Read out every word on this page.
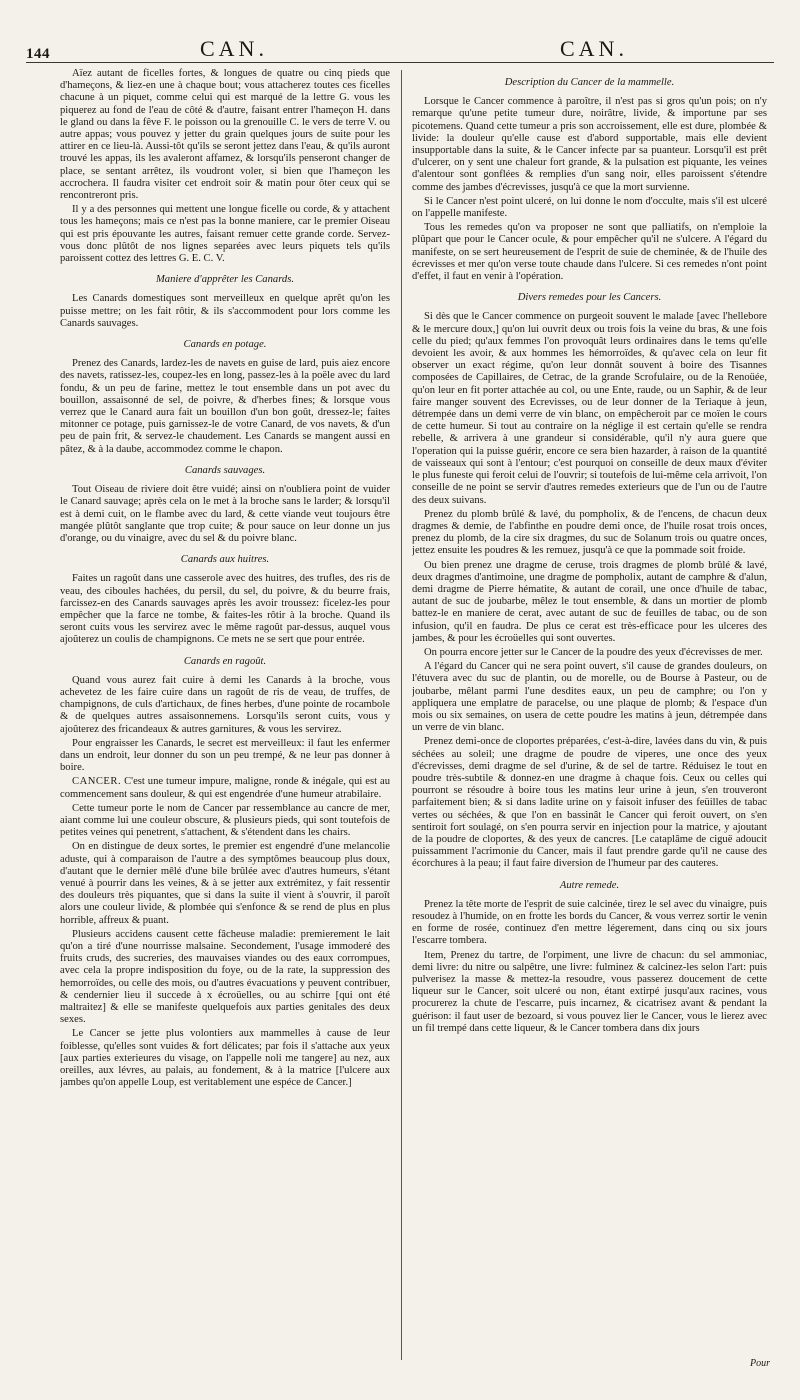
144	CAN.	CAN.

Aïez autant de ficelles fortes, & longues de quatre ou cinq pieds que d'hameçons, & liez-en une à chaque bout; vous attacherez toutes ces ficelles chacune à un piquet, comme celui qui est marqué de la lettre G. vous les piquerez au fond de l'eau de côté & d'autre, faisant entrer l'hameçon H. dans le gland ou dans la fêve F. le poisson ou la grenouille C. le vers de terre V. ou autre appas; vous pouvez y jetter du grain quelques jours de suite pour les attirer en ce lieu-là. Aussi-tôt qu'ils se seront jettez dans l'eau, & qu'ils auront trouvé les appas, ils les avaleront affamez, & lorsqu'ils penseront changer de place, se sentant arrêtez, ils voudront voler, si bien que l'hameçon les accrochera. Il faudra visiter cet endroit soir & matin pour ôter ceux qui se rencontreront pris.

Il y a des personnes qui mettent une longue ficelle ou corde, & y attachent tous les hameçons; mais ce n'est pas la bonne maniere, car le premier Oiseau qui est pris épouvante les autres, faisant remuer cette grande corde. Servez-vous donc plûtôt de nos lignes separées avec leurs piquets tels qu'ils paroissent cottez des lettres G. E. C. V.

Maniere d'apprêter les Canards.

Les Canards domestiques sont merveilleux en quelque aprêt qu'on les puisse mettre; on les fait rôtir, & ils s'accommodent pour lors comme les Canards sauvages.

Canards en potage.

Prenez des Canards, lardez-les de navets en guise de lard, puis aiez encore des navets, ratissez-les, coupez-les en long, passez-les à la poële avec du lard fondu, & un peu de farine, mettez le tout ensemble dans un pot avec du bouillon, assaisonné de sel, de poivre, & d'herbes fines; & lorsque vous verrez que le Canard aura fait un bouillon d'un bon goût, dressez-le; faites mitonner ce potage, puis garnissez-le de votre Canard, de vos navets, & d'un peu de pain frit, & servez-le chaudement. Les Canards se mangent aussi en pâtez, & à la daube, accommodez comme le chapon.

Canards sauvages.

Tout Oiseau de riviere doit être vuidé; ainsi on n'oubliera point de vuider le Canard sauvage; après cela on le met à la broche sans le larder; & lorsqu'il est à demi cuit, on le flambe avec du lard, & cette viande veut toujours être mangée plûtôt sanglante que trop cuite; & pour sauce on leur donne un jus d'orange, ou du vinaigre, avec du sel & du poivre blanc.

Canards aux huitres.

Faites un ragoût dans une casserole avec des huitres, des trufles, des ris de veau, des ciboules hachées, du persil, du sel, du poivre, & du beurre frais, farcissez-en des Canards sauvages après les avoir troussez: ficelez-les pour empêcher que la farce ne tombe, & faites-les rôtir à la broche. Quand ils seront cuits vous les servirez avec le même ragoût par-dessus, auquel vous ajoûterez un coulis de champignons. Ce mets ne se sert que pour entrée.

Canards en ragoût.

Quand vous aurez fait cuire à demi les Canards à la broche, vous achevetez de les faire cuire dans un ragoût de ris de veau, de truffes, de champignons, de culs d'artichaux, de fines herbes, d'une pointe de rocambole & de quelques autres assaisonnemens. Lorsqu'ils seront cuits, vous y ajoûterez des fricandeaux & autres garnitures, & vous les servirez.

Pour engraisser les Canards, le secret est merveilleux: il faut les enfermer dans un endroit, leur donner du son un peu trempé, & ne leur pas donner à boire.

CANCER. C'est une tumeur impure, maligne, ronde & inégale, qui est au commencement sans douleur, & qui est engendrée d'une humeur atrabilaire.

Cette tumeur porte le nom de Cancer par ressemblance au cancre de mer, aiant comme lui une couleur obscure, & plusieurs pieds, qui sont toutefois de petites veines qui penetrent, s'attachent, & s'étendent dans les chairs.

On en distingue de deux sortes, le premier est engendré d'une melancolie aduste, qui à comparaison de l'autre a des symptômes beaucoup plus doux, d'autant que le dernier mêlé d'une bile brûlée avec d'autres humeurs, s'étant venué à pourrir dans les veines, & à se jetter aux extrémitez, y fait ressentir des douleurs très piquantes, que si dans la suite il vient à s'ouvrir, il paroît alors une couleur livide, & plombée qui s'enfonce & se rend de plus en plus horrible, affreux & puant.

Plusieurs accidens causent cette fâcheuse maladie: premierement le lait qu'on a tiré d'une nourrisse malsaine. Secondement, l'usage immoderé des fruits cruds, des sucreries, des mauvaises viandes ou des eaux corrompues, avec cela la propre indisposition du foye, ou de la rate, la suppression des hemorroïdes, ou celle des mois, ou d'autres évacuations y peuvent contribuer, & cendernier lieu il succede à x écroüelles, ou au schirre [qui ont été maltraitez] & elle se manifeste quelquefois aux parties genitales des deux sexes.

Le Cancer se jette plus volontiers aux mammelles à cause de leur foiblesse, qu'elles sont vuides & fort délicates; par fois il s'attache aux yeux [aux parties exterieures du visage, on l'appelle noli me tangere] au nez, aux oreilles, aux lévres, au palais, au fondement, & à la matrice [l'ulcere aux jambes qu'on appelle Loup, est veritablement une espéce de Cancer.]

Description du Cancer de la mammelle.

Lorsque le Cancer commence à paroître, il n'est pas si gros qu'un pois; on n'y remarque qu'une petite tumeur dure, noirâtre, livide, & importune par ses picotemens. Quand cette tumeur a pris son accroissement, elle est dure, plombée & livide: la douleur qu'elle cause est d'abord supportable, mais elle devient insupportable dans la suite, & le Cancer infecte par sa puanteur. Lorsqu'il est prêt d'ulcerer, on y sent une chaleur fort grande, & la pulsation est piquante, les veines d'alentour sont gonflées & remplies d'un sang noir, elles paroissent s'étendre comme des jambes d'écrevisses, jusqu'à ce que la mort survienne.

Si le Cancer n'est point ulceré, on lui donne le nom d'occulte, mais s'il est ulceré on l'appelle manifeste.

Tous les remedes qu'on va proposer ne sont que palliatifs, on n'emploie la plûpart que pour le Cancer ocule, & pour empêcher qu'il ne s'ulcere. A l'égard du manifeste, on se sert heureusement de l'esprit de suie de cheminée, & de l'huile des écrevisses et mer qu'on verse toute chaude dans l'ulcere. Si ces remedes n'ont point d'effet, il faut en venir à l'opération.

Divers remedes pour les Cancers.

Si dès que le Cancer commence on purgeoit souvent le malade [avec l'hellebore & le mercure doux,] qu'on lui ouvrit deux ou trois fois la veine du bras, & une fois celle du pied; qu'aux femmes l'on provoquât leurs ordinaires dans le tems qu'elle devoient les avoir, & aux hommes les hémorroïdes, & qu'avec cela on leur fit observer un exact régime, qu'on leur donnât souvent à boire des Tisannes composées de Capillaires, de Cetrac, de la grande Scrofulaire, ou de la Renoüée, qu'on leur en fit porter attachée au col, ou une Ente, raude, ou un Saphir, & de leur faire manger souvent des Ecrevisses, ou de leur donner de la Teriaque à jeun, détrempée dans un demi verre de vin blanc, on empêcheroit par ce moïen le cours de cette humeur. Si tout au contraire on la néglige il est certain qu'elle se rendra rebelle, & arrivera à une grandeur si considérable, qu'il n'y aura guere que l'operation qui la puisse guérir, encore ce sera bien hazarder, à raison de la quantité de vaisseaux qui sont à l'entour; c'est pourquoi on conseille de deux maux d'éviter le plus funeste qui feroit celui de l'ouvrir; si toutefois de lui-même cela arrivoit, l'on conseille de ne point se servir d'autres remedes exterieurs que de l'un ou de l'autre des deux suivans.

Prenez du plomb brûlé & lavé, du pompholix, & de l'encens, de chacun deux dragmes & demie, de l'abfinthe en poudre demi once, de l'huile rosat trois onces, prenez du plomb, de la cire six dragmes, du suc de Solanum trois ou quatre onces, jettez ensuite les poudres & les remuez, jusqu'à ce que la pommade soit froide.

Ou bien prenez une dragme de ceruse, trois dragmes de plomb brûlé & lavé, deux dragmes d'antimoine, une dragme de pompholix, autant de camphre & d'alun, demi dragme de Pierre hématite, & autant de corail, une once d'huile de tabac, autant de suc de joubarbe, mêlez le tout ensemble, & dans un mortier de plomb battez-le en maniere de cerat, avec autant de suc de feuilles de tabac, ou de son infusion, qu'il en faudra. De plus ce cerat est très-efficace pour les ulceres des jambes, & pour les écroüelles qui sont ouvertes.

On pourra encore jetter sur le Cancer de la poudre des yeux d'écrevisses de mer.

A l'égard du Cancer qui ne sera point ouvert, s'il cause de grandes douleurs, on l'étuvera avec du suc de plantin, ou de morelle, ou de Bourse à Pasteur, ou de joubarbe, mêlant parmi l'une desdites eaux, un peu de camphre; ou l'on y appliquera une emplatre de paracelse, ou une plaque de plomb; & l'espace d'un mois ou six semaines, on usera de cette poudre les matins à jeun, détrempée dans un verre de vin blanc.

Prenez demi-once de cloportes préparées, c'est-à-dire, lavées dans du vin, & puis séchées au soleil; une dragme de poudre de viperes, une once des yeux d'écrevisses, demi dragme de sel d'urine, & de sel de tartre. Réduisez le tout en poudre très-subtile & donnez-en une dragme à chaque fois. Ceux ou celles qui pourront se résoudre à boire tous les matins leur urine à jeun, s'en trouveront parfaitement bien; & si dans ladite urine on y faisoit infuser des feüilles de tabac vertes ou séchées, & que l'on en bassinât le Cancer qui feroit ouvert, on s'en sentiroit fort soulagé, on s'en pourra servir en injection pour la matrice, y ajoutant de la poudre de cloportes, & des yeux de cancres. [Le cataplâme de ciguë adoucit puissamment l'acrimonie du Cancer, mais il faut prendre garde qu'il ne cause des écorchures à la peau; il faut faire diversion de l'humeur par des cauteres.

Autre remede.

Prenez la tête morte de l'esprit de suie calcinée, tirez le sel avec du vinaigre, puis resoudez à l'humide, on en frotte les bords du Cancer, & vous verrez sortir le venin en forme de rosée, continuez d'en mettre légerement, dans cinq ou six jours l'escarre tombera.

Item, Prenez du tartre, de l'orpiment, une livre de chacun: du sel ammoniac, demi livre: du nitre ou salpêtre, une livre: fulminez & calcinez-les selon l'art: puis pulverisez la masse & mettez-la resoudre, vous passerez doucement de cette liqueur sur le Cancer, soit ulceré ou non, étant extirpé jusqu'aux racines, vous procurerez la chute de l'escarre, puis incarnez, & cicatrisez avant & pendant la guérison: il faut user de bezoard, si vous pouvez lier le Cancer, vous le lierez avec un fil trempé dans cette liqueur, & le Cancer tombera dans dix jours

Pour
